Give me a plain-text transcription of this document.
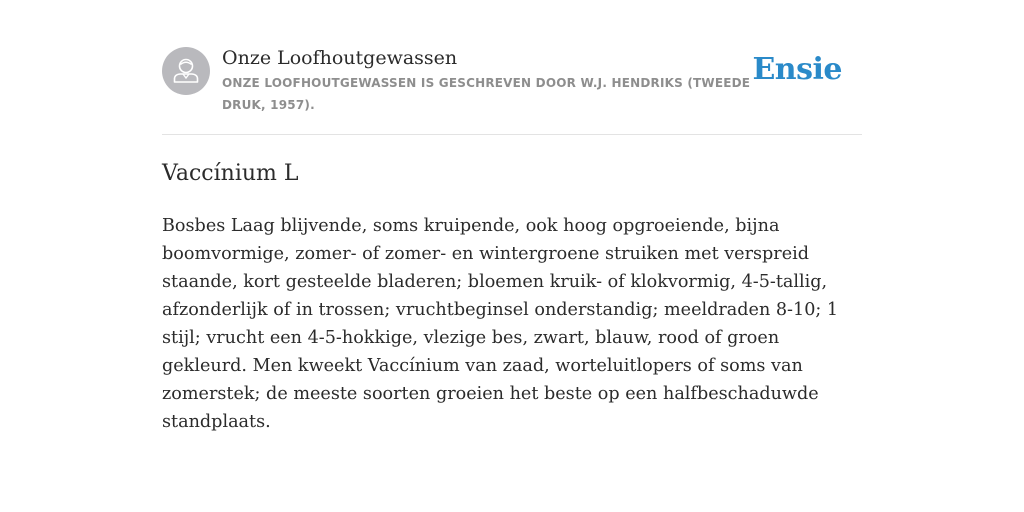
Onze Loofhoutgewassen
ONZE LOOFHOUTGEWASSEN IS GESCHREVEN DOOR W.J. HENDRIKS (TWEEDE DRUK, 1957).
Ensie
Vaccínium L

Bosbes Laag blijvende, soms kruipende, ook hoog opgroeiende, bijna boomvormige, zomer- of zomer- en wintergroene struiken met verspreid staande, kort gesteelde bladeren; bloemen kruik- of klokvormig, 4-5-tallig, afzonderlijk of in trossen; vruchtbeginsel onderstandig; meeldraden 8-10; 1 stijl; vrucht een 4-5-hokkige, vlezige bes, zwart, blauw, rood of groen gekleurd. Men kweekt Vaccínium van zaad, worteluitlopers of soms van zomerstek; de meeste soorten groeien het beste op een halfbeschaduwde standplaats.
